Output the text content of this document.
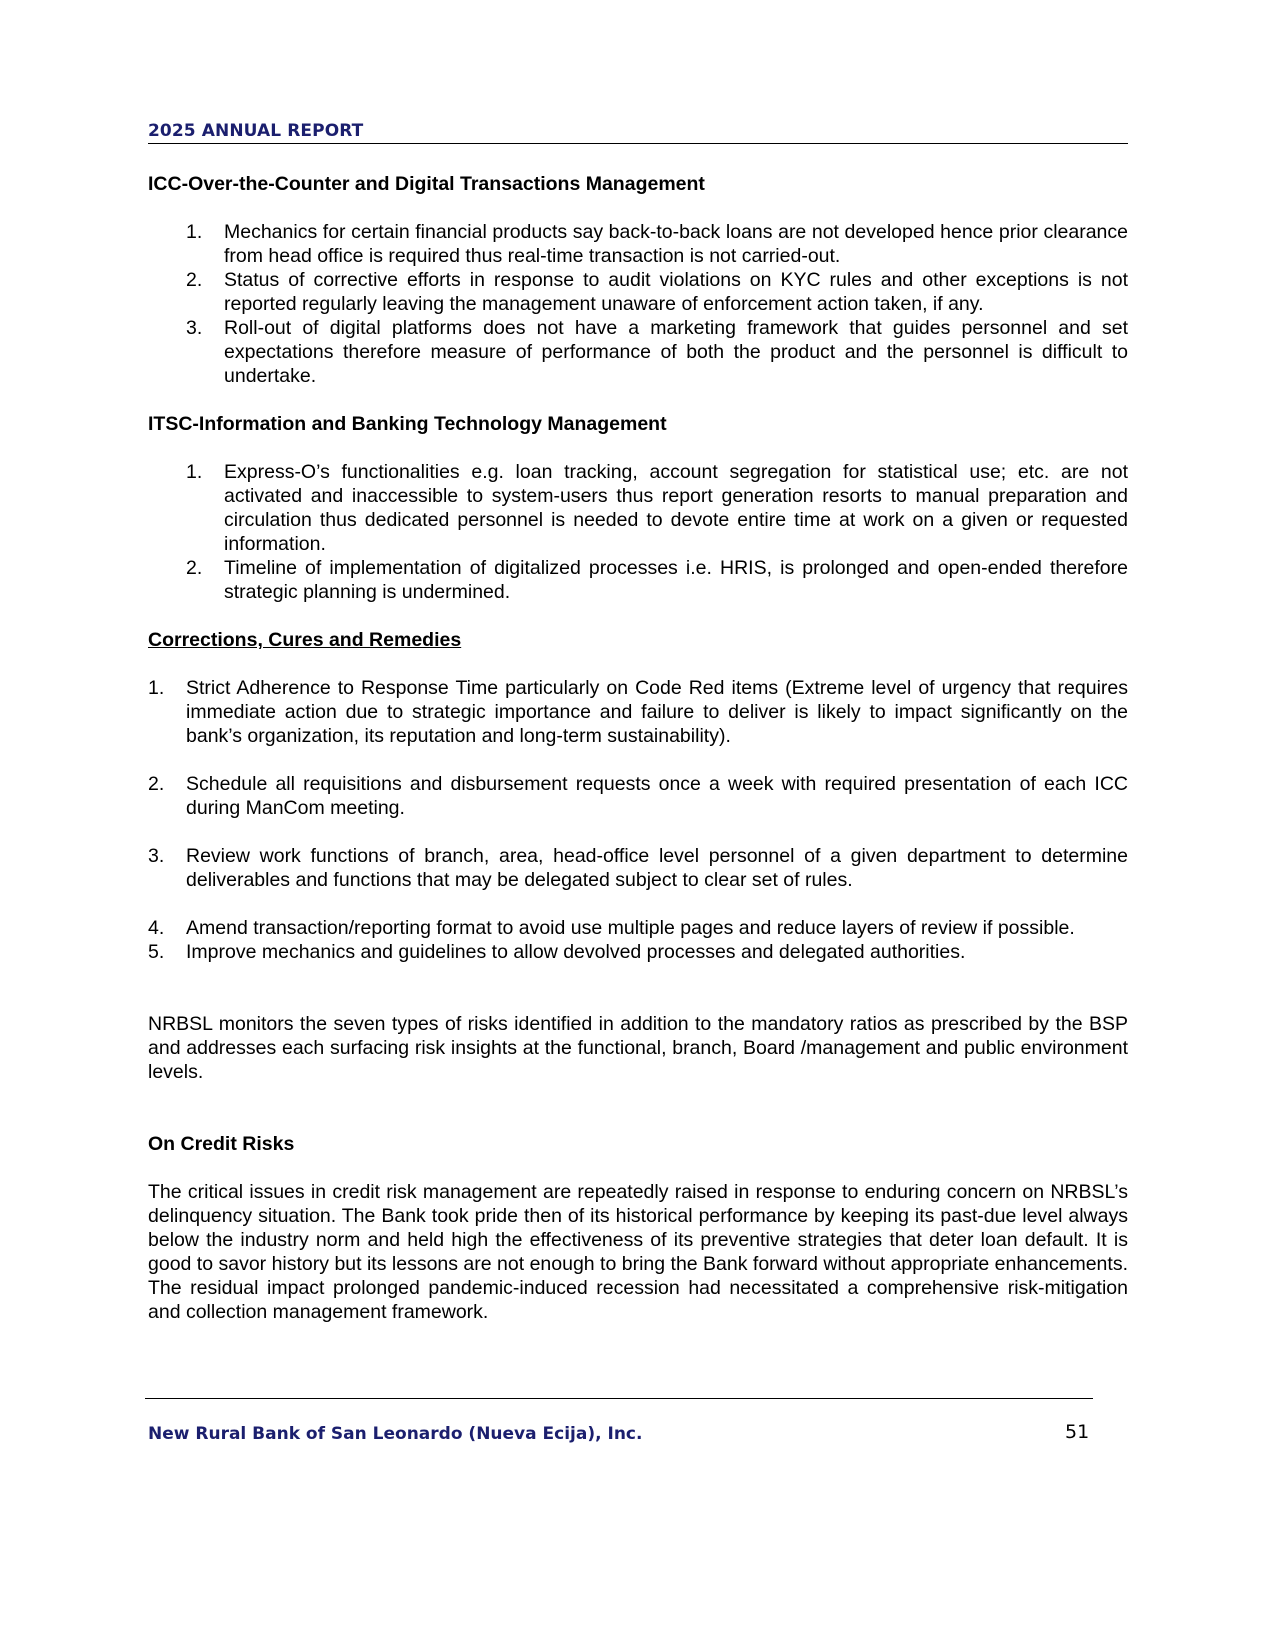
2025 ANNUAL REPORT
ICC-Over-the-Counter and Digital Transactions Management
1.	Mechanics for certain financial products say back-to-back loans are not developed hence prior clearance from head office is required thus real-time transaction is not carried-out.
2.	Status of corrective efforts in response to audit violations on KYC rules and other exceptions is not reported regularly leaving the management unaware of enforcement action taken, if any.
3.	Roll-out of digital platforms does not have a marketing framework that guides personnel and set expectations therefore measure of performance of both the product and the personnel is difficult to undertake.
ITSC-Information and Banking Technology Management
1.	Express-O’s functionalities e.g. loan tracking, account segregation for statistical use; etc. are not activated and inaccessible to system-users thus report generation resorts to manual preparation and circulation thus dedicated personnel is needed to devote entire time at work on a given or requested information.
2.	Timeline of implementation of digitalized processes i.e. HRIS, is prolonged and open-ended therefore strategic planning is undermined.
Corrections, Cures and Remedies
1.	Strict Adherence to Response Time particularly on Code Red items (Extreme level of urgency that requires immediate action due to strategic importance and failure to deliver is likely to impact significantly on the bank’s organization, its reputation and long-term sustainability).
2.	Schedule all requisitions and disbursement requests once a week with required presentation of each ICC during ManCom meeting.
3.	Review work functions of branch, area, head-office level personnel of a given department to determine deliverables and functions that may be delegated subject to clear set of rules.
4.	Amend transaction/reporting format to avoid use multiple pages and reduce layers of review if possible.
5.	Improve mechanics and guidelines to allow devolved processes and delegated authorities.

NRBSL monitors the seven types of risks identified in addition to the mandatory ratios as prescribed by the BSP and addresses each surfacing risk insights at the functional, branch, Board /management and public environment levels.

On Credit Risks

The critical issues in credit risk management are repeatedly raised in response to enduring concern on NRBSL’s delinquency situation. The Bank took pride then of its historical performance by keeping its past-due level always below the industry norm and held high the effectiveness of its preventive strategies that deter loan default. It is good to savor history but its lessons are not enough to bring the Bank forward without appropriate enhancements. The residual impact prolonged pandemic-induced recession had necessitated a comprehensive risk-mitigation and collection management framework.

New Rural Bank of San Leonardo (Nueva Ecija), Inc.	51
